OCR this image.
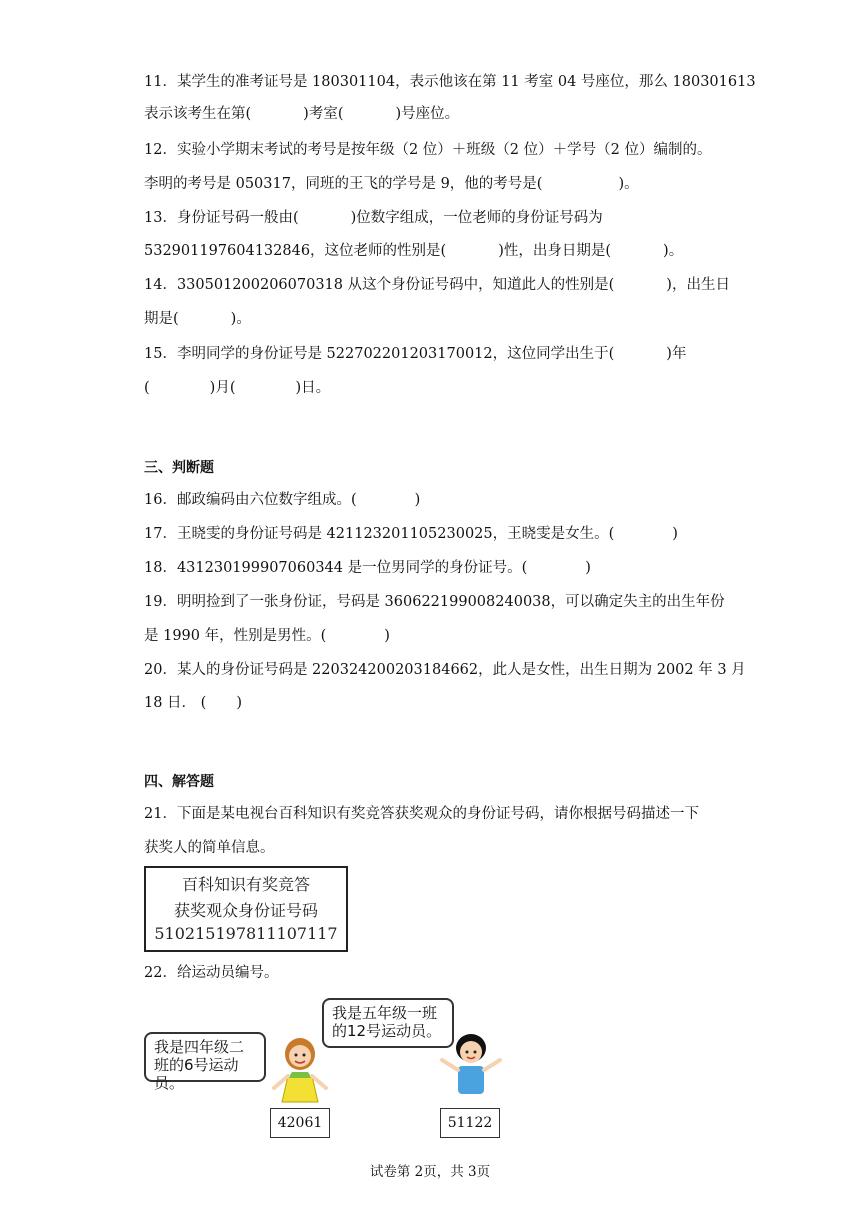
11．某学生的准考证号是 180301104，表示他该在第 11 考室 04 号座位，那么 180301613
表示该考生在第(	)考室(	)号座位。
12．实验小学期末考试的考号是按年级（2 位）＋班级（2 位）＋学号（2 位）编制的。
李明的考号是 050317，同班的王飞的学号是 9，他的考号是(	)。
13．身份证号码一般由(	)位数字组成，一位老师的身份证号码为
532901197604132846，这位老师的性别是(	)性，出身日期是(	)。
14．330501200206070318 从这个身份证号码中，知道此人的性别是(	)，出生日
期是(	)。
15．李明同学的身份证号是 522702201203170012，这位同学出生于(	)年
(	)月(	)日。
三、判断题
16．邮政编码由六位数字组成。(	)
17．王晓雯的身份证号码是 421123201105230025，王晓雯是女生。(	)
18．431230199907060344 是一位男同学的身份证号。(	)
19．明明捡到了一张身份证，号码是 360622199008240038，可以确定失主的出生年份
是 1990 年，性别是男性。(	)
20．某人的身份证号码是 220324200203184662，此人是女性，出生日期为 2002 年 3 月
18 日． ( )
四、解答题
21．下面是某电视台百科知识有奖竞答获奖观众的身份证号码，请你根据号码描述一下
获奖人的简单信息。
百科知识有奖竞答
获奖观众身份证号码
510215197811107117
22．给运动员编号。
我是四年级二
班的6号运动员。
我是五年级一班
的12号运动员。
42061	51122
试卷第 2页，共 3页
